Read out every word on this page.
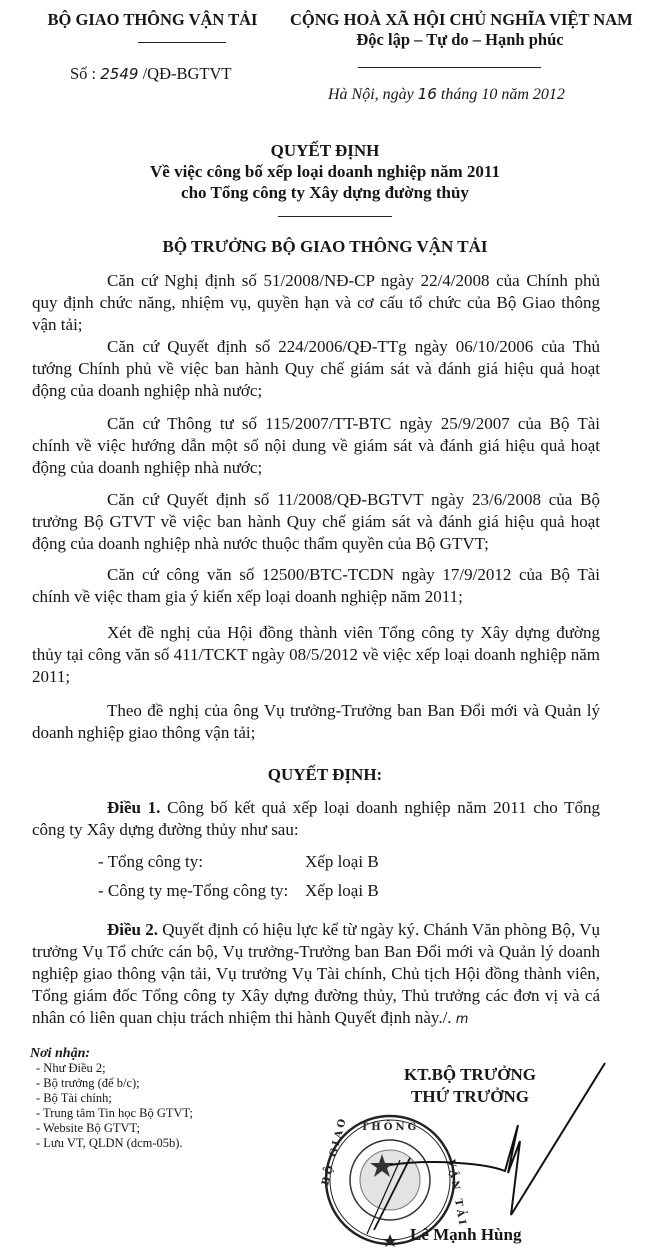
BỘ GIAO THÔNG VẬN TẢI
Số : 2549 /QĐ-BGTVT
CỘNG HOÀ XÃ HỘI CHỦ NGHĨA VIỆT NAM
Độc lập – Tự do – Hạnh phúc
Hà Nội, ngày 16 tháng 10 năm 2012
QUYẾT ĐỊNH
Về việc công bố xếp loại doanh nghiệp năm 2011
cho Tổng công ty Xây dựng đường thủy
BỘ TRƯỞNG BỘ GIAO THÔNG VẬN TẢI

Căn cứ Nghị định số 51/2008/NĐ-CP ngày 22/4/2008 của Chính phủ quy định chức năng, nhiệm vụ, quyền hạn và cơ cấu tổ chức của Bộ Giao thông vận tải;

Căn cứ Quyết định số 224/2006/QĐ-TTg ngày 06/10/2006 của Thủ tướng Chính phủ về việc ban hành Quy chế giám sát và đánh giá hiệu quả hoạt động của doanh nghiệp nhà nước;

Căn cứ Thông tư số 115/2007/TT-BTC ngày 25/9/2007 của Bộ Tài chính về việc hướng dẫn một số nội dung về giám sát và đánh giá hiệu quả hoạt động của doanh nghiệp nhà nước;

Căn cứ Quyết định số 11/2008/QĐ-BGTVT ngày 23/6/2008 của Bộ trưởng Bộ GTVT về việc ban hành Quy chế giám sát và đánh giá hiệu quả hoạt động của doanh nghiệp nhà nước thuộc thẩm quyền của Bộ GTVT;

Căn cứ công văn số 12500/BTC-TCDN ngày 17/9/2012 của Bộ Tài chính về việc tham gia ý kiến xếp loại doanh nghiệp năm 2011;

Xét đề nghị của Hội đồng thành viên Tổng công ty Xây dựng đường thủy tại công văn số 411/TCKT ngày 08/5/2012 về việc xếp loại doanh nghiệp năm 2011;

Theo đề nghị của ông Vụ trưởng-Trưởng ban Ban Đổi mới và Quản lý doanh nghiệp giao thông vận tải;

QUYẾT ĐỊNH:

Điều 1. Công bố kết quả xếp loại doanh nghiệp năm 2011 cho Tổng công ty Xây dựng đường thủy như sau:

- Tổng công ty:	Xếp loại B
- Công ty mẹ-Tổng công ty: Xếp loại B

Điều 2. Quyết định có hiệu lực kể từ ngày ký. Chánh Văn phòng Bộ, Vụ trưởng Vụ Tổ chức cán bộ, Vụ trưởng-Trưởng ban Ban Đổi mới và Quản lý doanh nghiệp giao thông vận tải, Vụ trưởng Vụ Tài chính, Chủ tịch Hội đồng thành viên, Tổng giám đốc Tổng công ty Xây dựng đường thủy, Thủ trưởng các đơn vị và cá nhân có liên quan chịu trách nhiệm thi hành Quyết định này./. m

Nơi nhận:
- Như Điều 2;
- Bộ trưởng (để b/c);
- Bộ Tài chính;
- Trung tâm Tin học Bộ GTVT;
- Website Bộ GTVT;
- Lưu VT, QLDN (dcm-05b).
KT.BỘ TRƯỞNG
THỨ TRƯỞNG
THÔNG
BỘ GIAO
VẬN TẢI
Lê Mạnh Hùng
